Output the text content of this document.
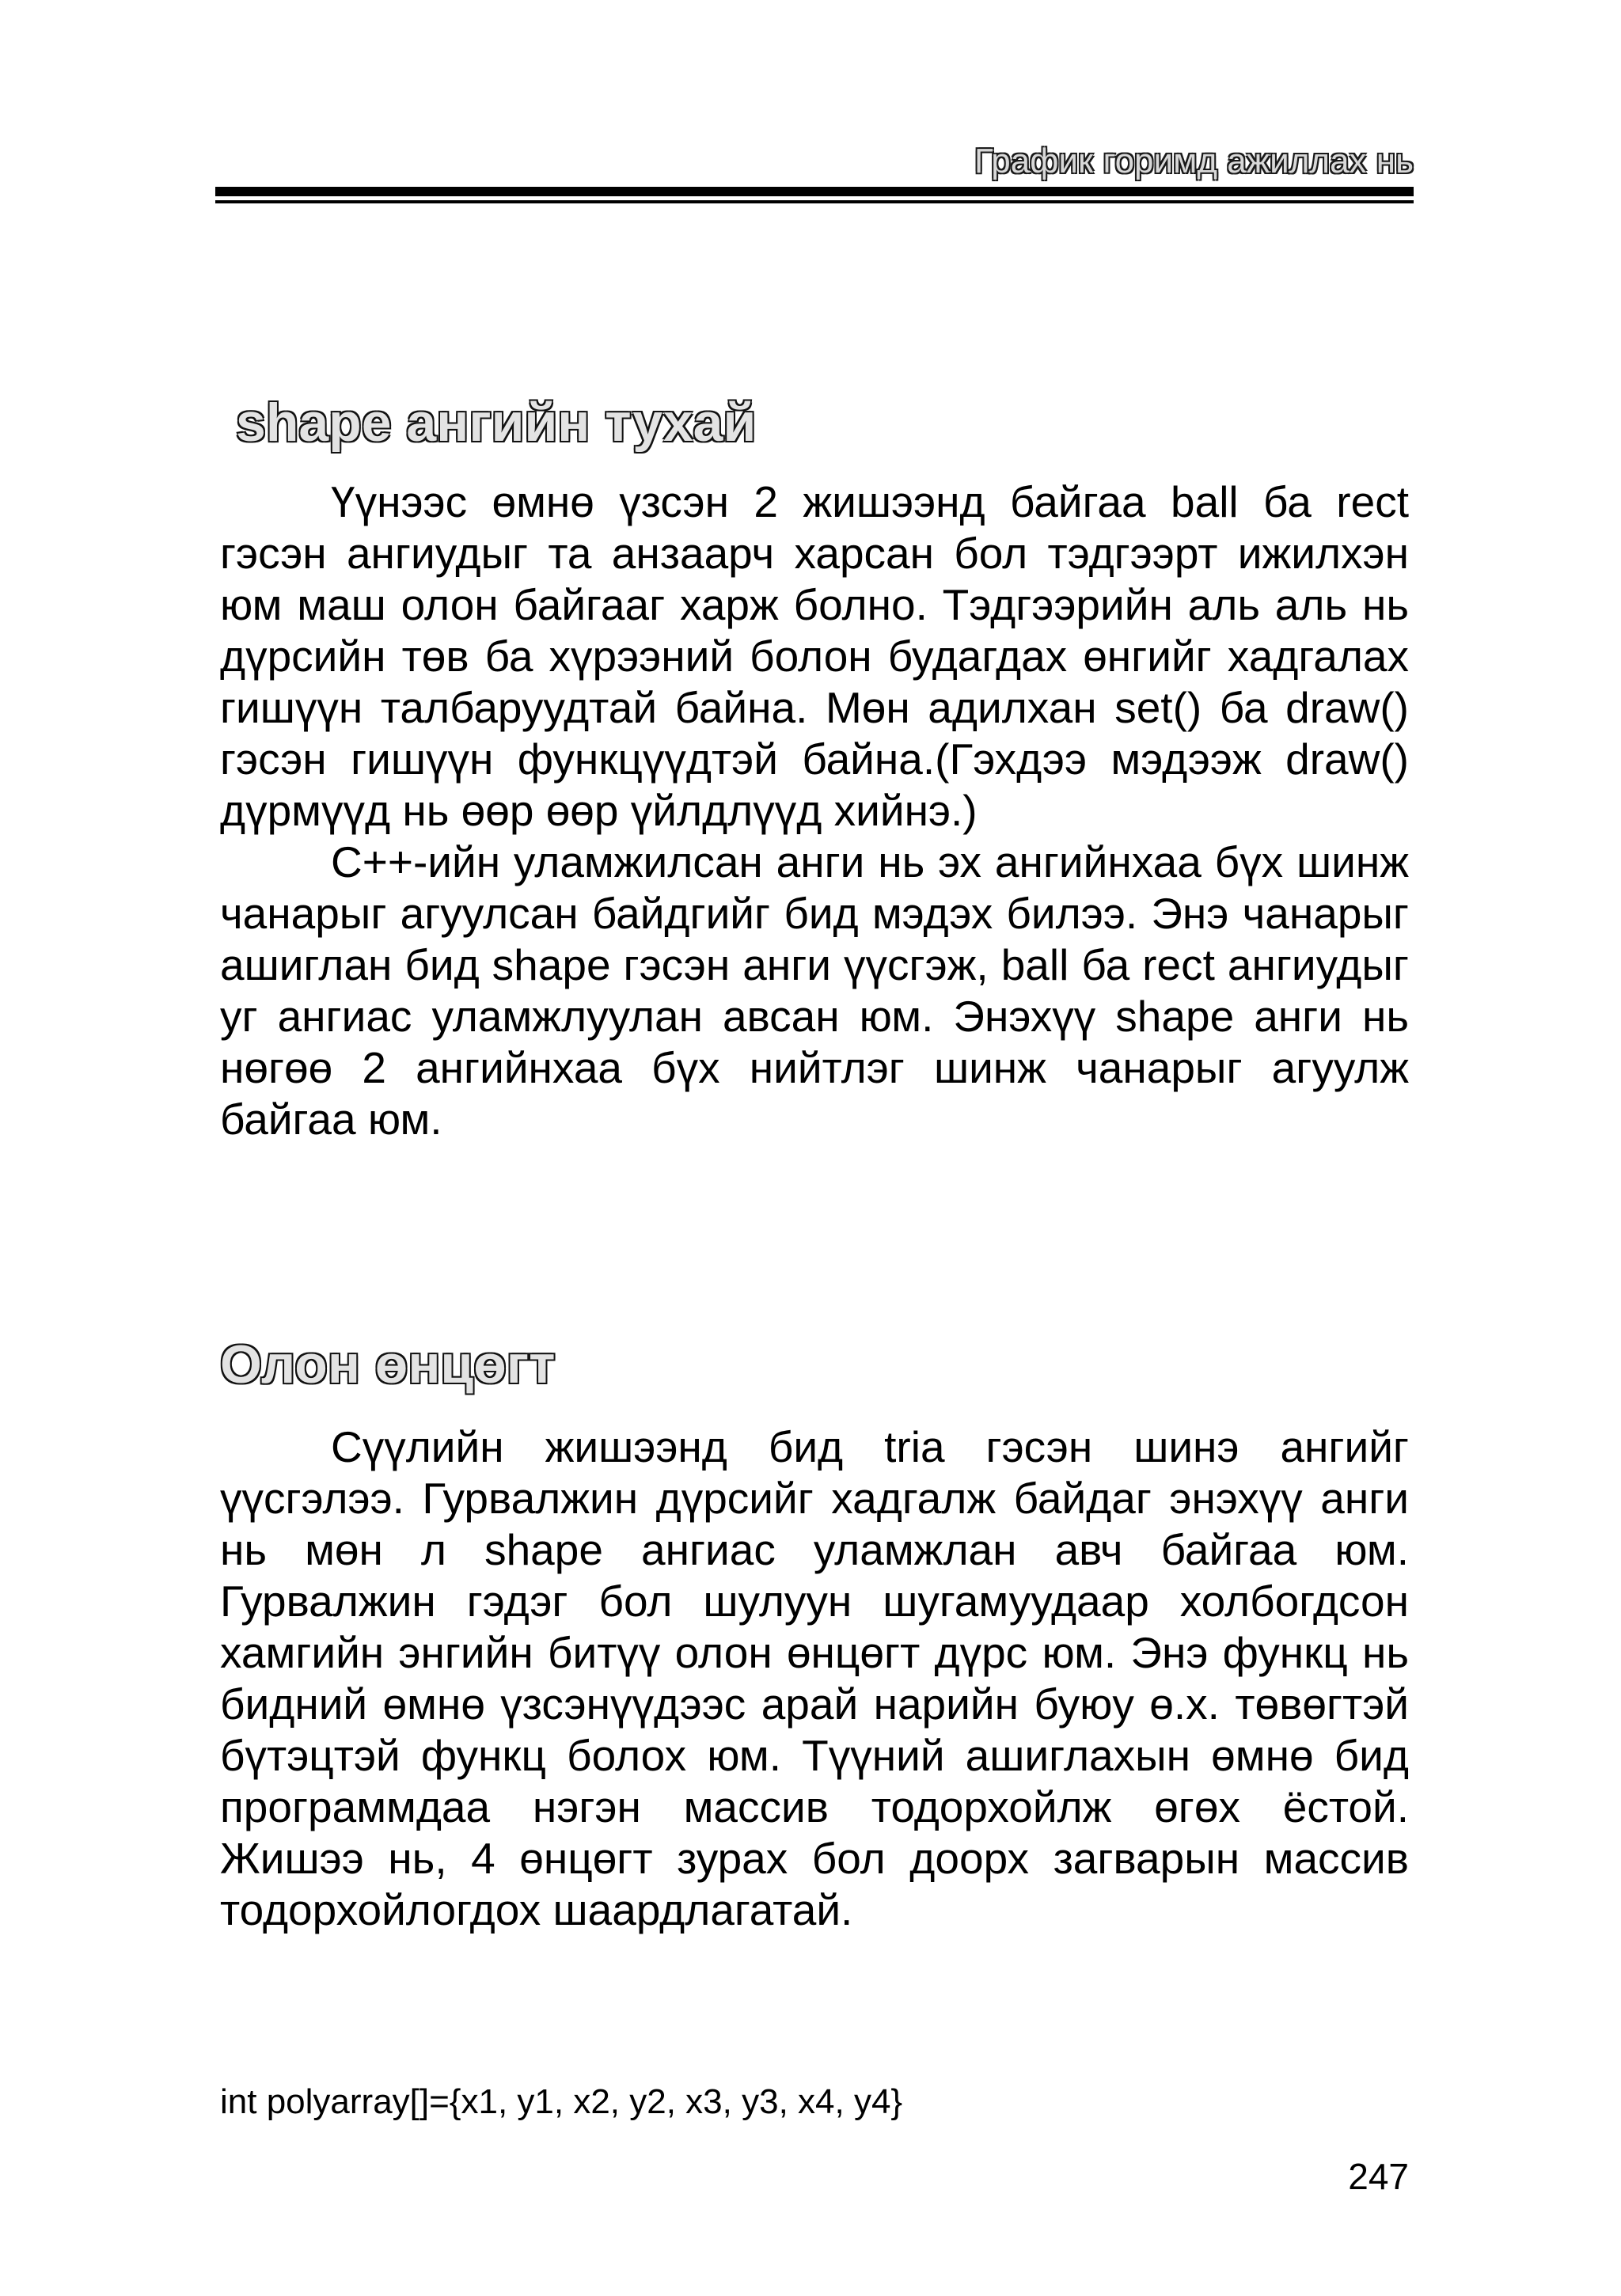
График горимд ажиллах нь
shape ангийн тухай

Үүнээс өмнө үзсэн 2 жишээнд байгаа ball ба rect гэсэн ангиудыг та анзаарч харсан бол тэдгээрт ижилхэн юм маш олон байгааг харж болно. Тэдгээрийн аль аль нь дүрсийн төв ба хүрээний болон будагдах өнгийг хадгалах гишүүн талбаруудтай байна. Мөн адилхан set() ба draw() гэсэн гишүүн функцүүдтэй байна.(Гэхдээ мэдээж draw() дүрмүүд нь өөр өөр үйлдлүүд хийнэ.)

C++-ийн уламжилсан анги нь эх ангийнхаа бүх шинж чанарыг агуулсан байдгийг бид мэдэх билээ. Энэ чанарыг ашиглан бид shape гэсэн анги үүсгэж, ball ба rect ангиудыг уг ангиас уламжлуулан авсан юм. Энэхүү shape анги нь нөгөө 2 ангийнхаа бүх нийтлэг шинж чанарыг агуулж байгаа юм.

Олон өнцөгт

Сүүлийн жишээнд бид tria гэсэн шинэ ангийг үүсгэлээ. Гурвалжин дүрсийг хадгалж байдаг энэхүү анги нь мөн л shape ангиас уламжлан авч байгаа юм. Гурвалжин гэдэг бол шулуун шугамуудаар холбогдсон хамгийн энгийн битүү олон өнцөгт дүрс юм. Энэ функц нь бидний өмнө үзсэнүүдээс арай нарийн буюу ө.х. төвөгтэй бүтэцтэй функц болох юм. Түүний ашиглахын өмнө бид программдаа нэгэн массив тодорхойлж өгөх ёстой. Жишээ нь, 4 өнцөгт зурах бол доорх загварын массив тодорхойлогдох шаардлагатай.

int polyarray[]={x1, y1, x2, y2, x3, y3, x4, y4}
247
